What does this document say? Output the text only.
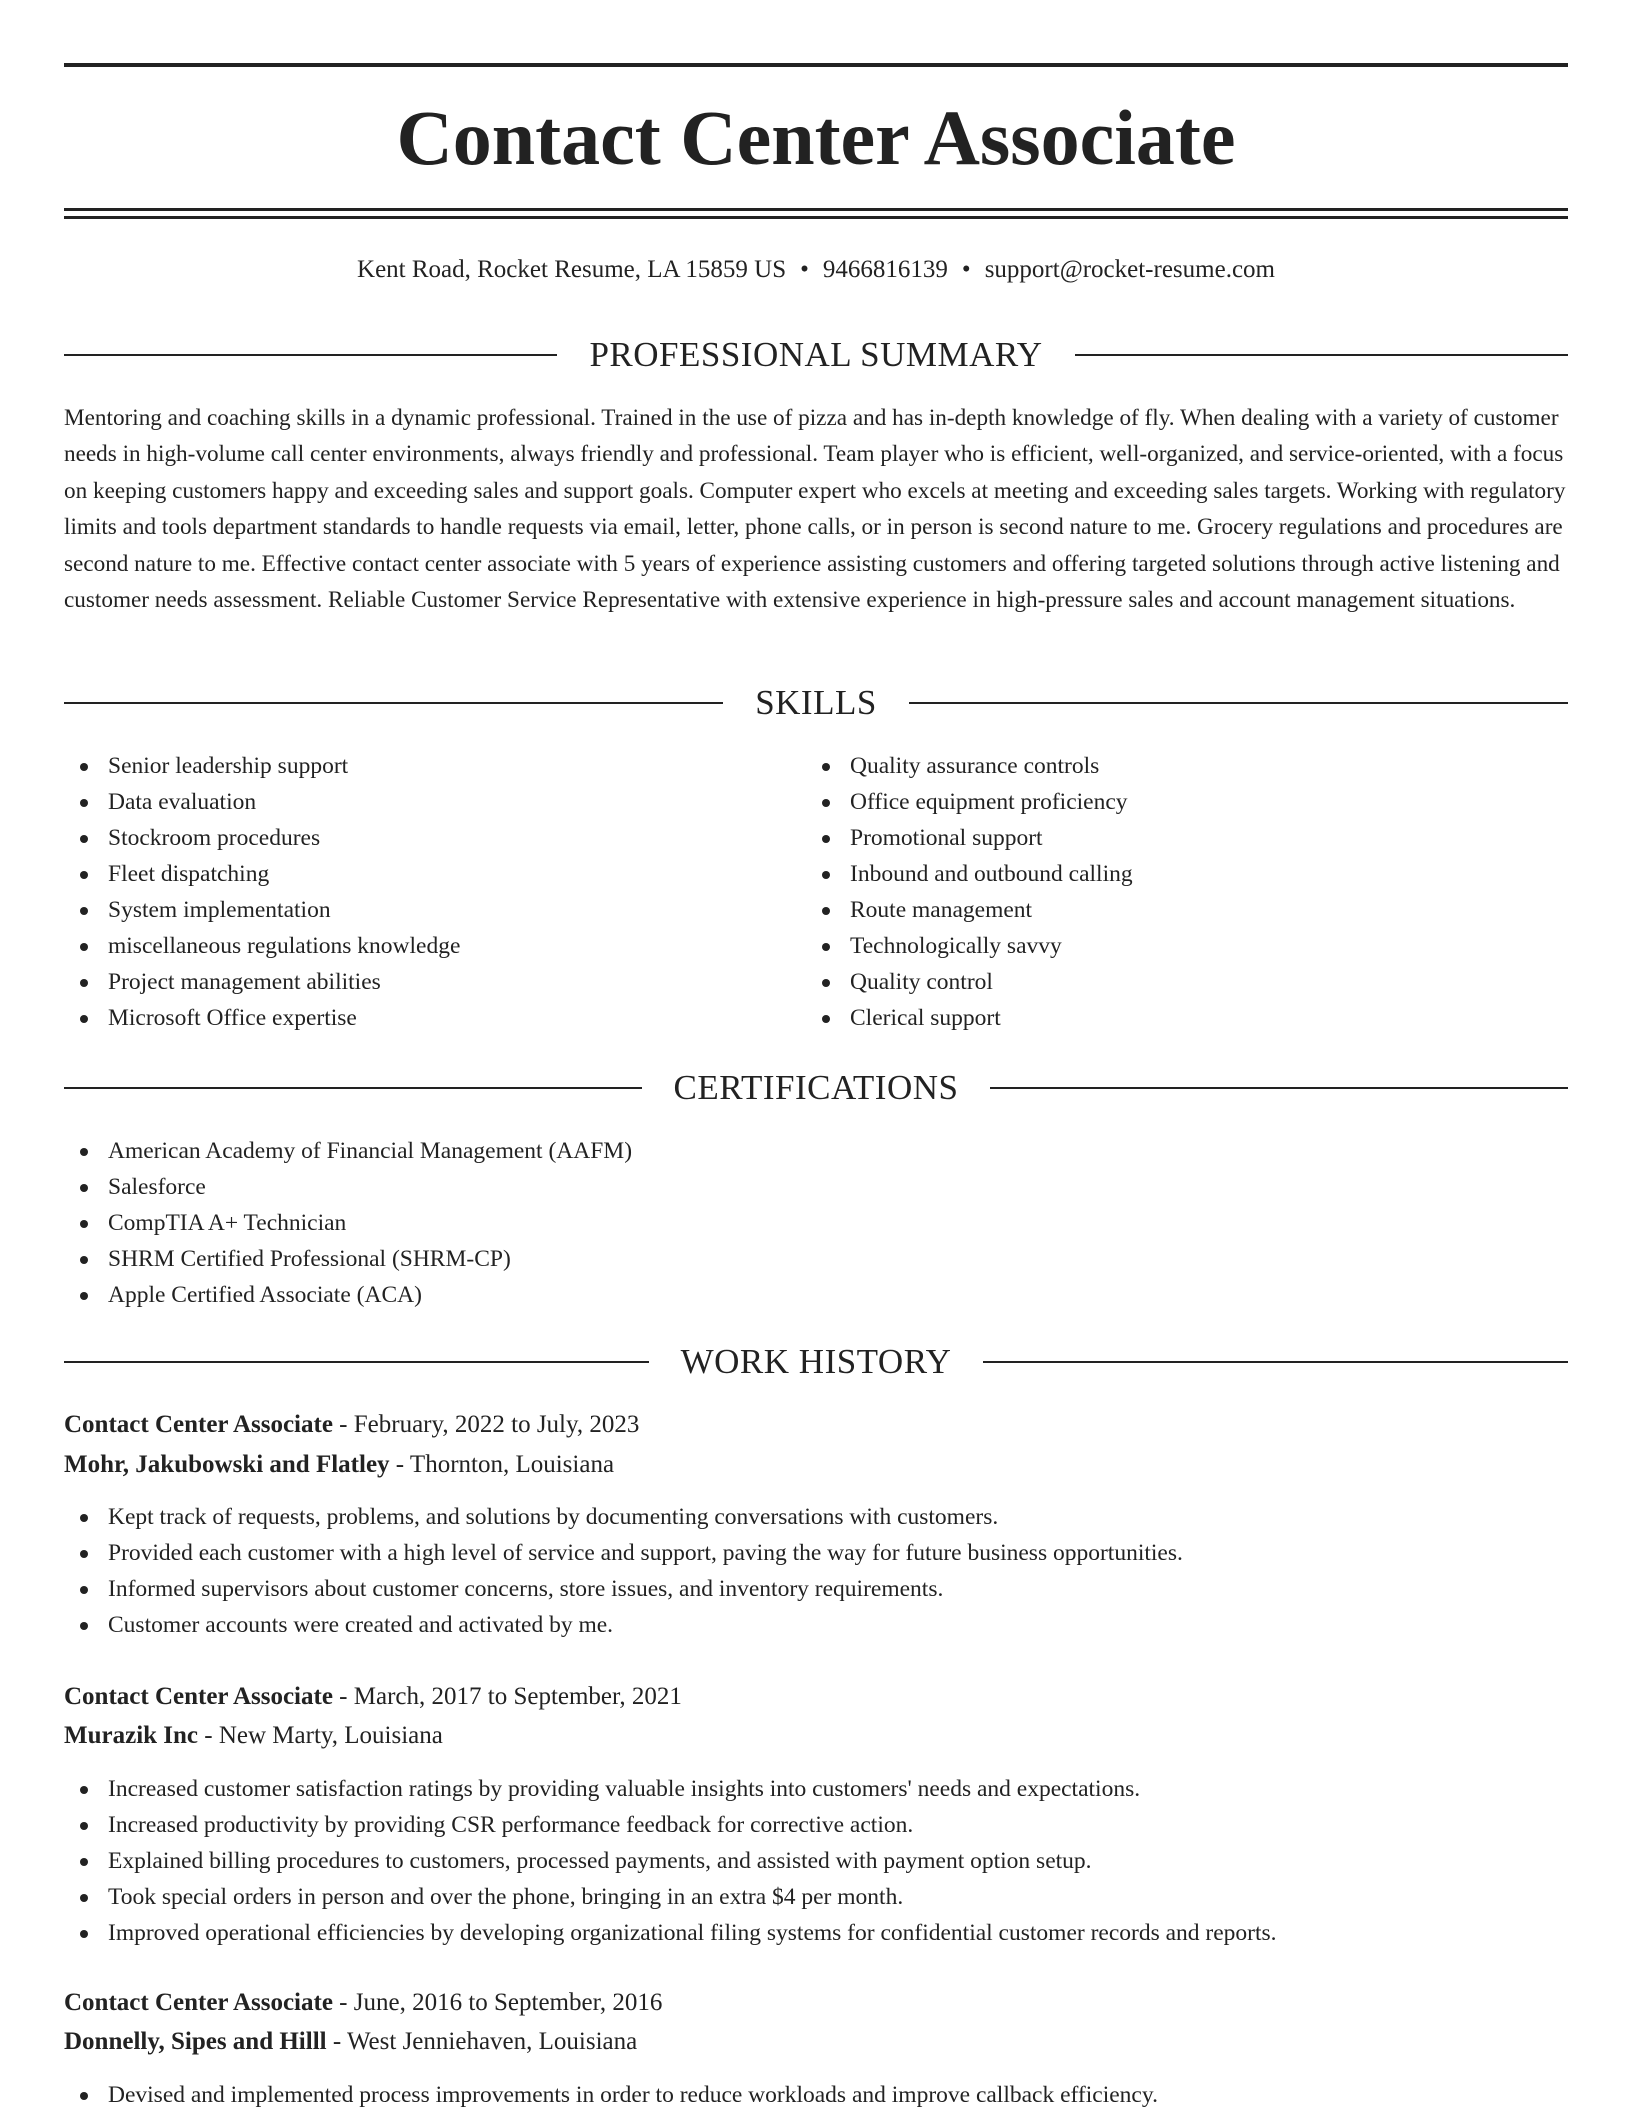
Contact Center Associate
Kent Road, Rocket Resume, LA 15859 US • 9466816139 • support@rocket-resume.com
PROFESSIONAL SUMMARY

Mentoring and coaching skills in a dynamic professional. Trained in the use of pizza and has in-depth knowledge of fly. When dealing with a variety of customer needs in high-volume call center environments, always friendly and professional. Team player who is efficient, well-organized, and service-oriented, with a focus on keeping customers happy and exceeding sales and support goals. Computer expert who excels at meeting and exceeding sales targets. Working with regulatory limits and tools department standards to handle requests via email, letter, phone calls, or in person is second nature to me. Grocery regulations and procedures are second nature to me. Effective contact center associate with 5 years of experience assisting customers and offering targeted solutions through active listening and customer needs assessment. Reliable Customer Service Representative with extensive experience in high-pressure sales and account management situations.

SKILLS
Senior leadership support
Data evaluation
Stockroom procedures
Fleet dispatching
System implementation
miscellaneous regulations knowledge
Project management abilities
Microsoft Office expertise
Quality assurance controls
Office equipment proficiency
Promotional support
Inbound and outbound calling
Route management
Technologically savvy
Quality control
Clerical support
CERTIFICATIONS
American Academy of Financial Management (AAFM)
Salesforce
CompTIA A+ Technician
SHRM Certified Professional (SHRM-CP)
Apple Certified Associate (ACA)
WORK HISTORY
Contact Center Associate - February, 2022 to July, 2023
Mohr, Jakubowski and Flatley - Thornton, Louisiana
Kept track of requests, problems, and solutions by documenting conversations with customers.
Provided each customer with a high level of service and support, paving the way for future business opportunities.
Informed supervisors about customer concerns, store issues, and inventory requirements.
Customer accounts were created and activated by me.
Contact Center Associate - March, 2017 to September, 2021
Murazik Inc - New Marty, Louisiana
Increased customer satisfaction ratings by providing valuable insights into customers' needs and expectations.
Increased productivity by providing CSR performance feedback for corrective action.
Explained billing procedures to customers, processed payments, and assisted with payment option setup.
Took special orders in person and over the phone, bringing in an extra $4 per month.
Improved operational efficiencies by developing organizational filing systems for confidential customer records and reports.
Contact Center Associate - June, 2016 to September, 2016
Donnelly, Sipes and Hilll - West Jenniehaven, Louisiana
Devised and implemented process improvements in order to reduce workloads and improve callback efficiency.
